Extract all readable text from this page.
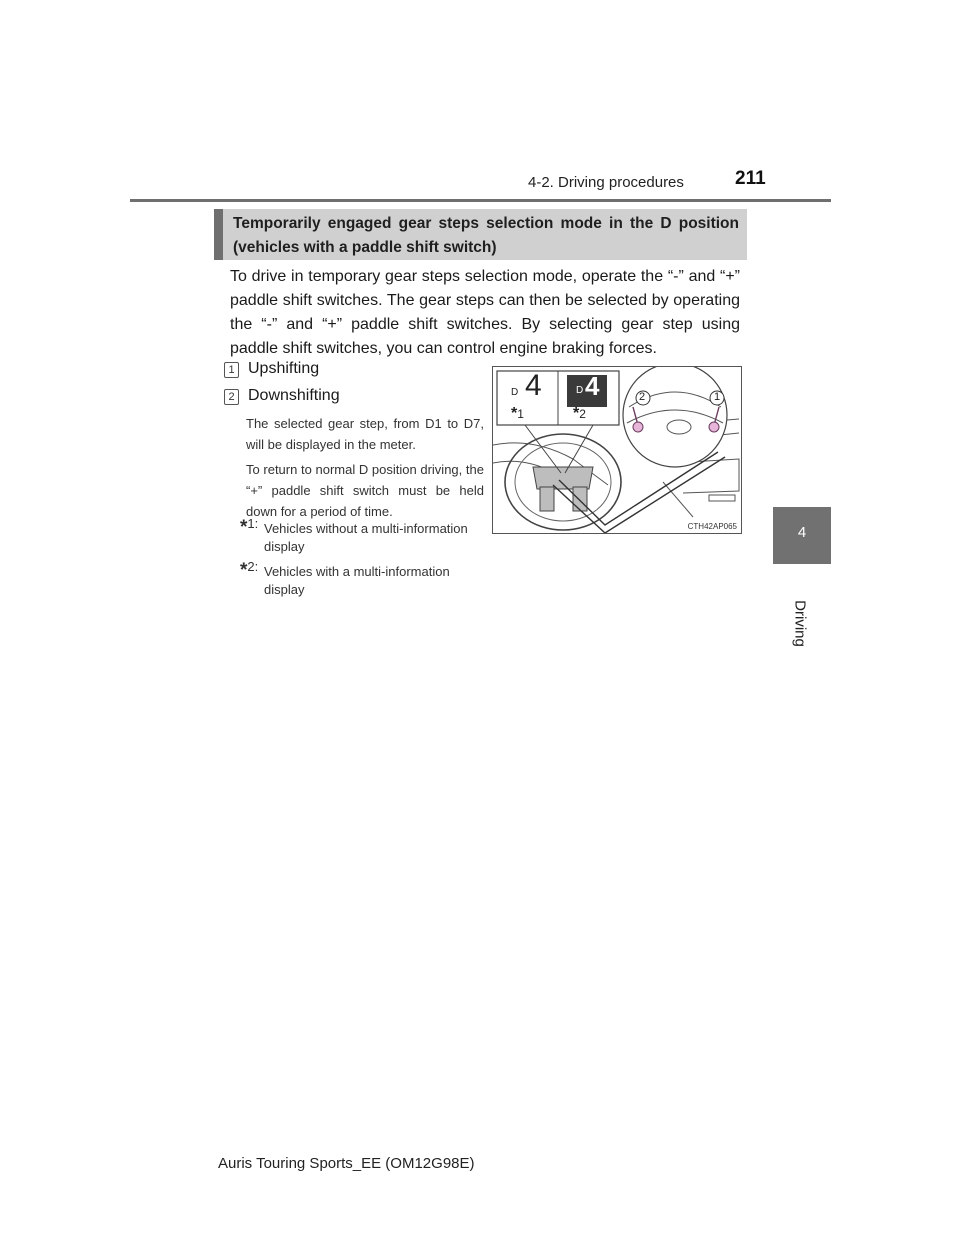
4-2. Driving procedures	211
4
Driving
Temporarily engaged gear steps selection mode in the D position (vehicles with a paddle shift switch)
To drive in temporary gear steps selection mode, operate the “-” and “+” paddle shift switches. The gear steps can then be selected by operating the “-” and “+” paddle shift switches. By selecting gear step using paddle shift switches, you can control engine braking forces.
1 Upshifting
2 Downshifting
The selected gear step, from D1 to D7, will be displayed in the meter.
To return to normal D position driving, the “+” paddle shift switch must be held down for a period of time.
*1: Vehicles without a multi-information display
*2: Vehicles with a multi-information display
D 4	D 4
*1	*2
2	1
CTH42AP065
Auris Touring Sports_EE (OM12G98E)
